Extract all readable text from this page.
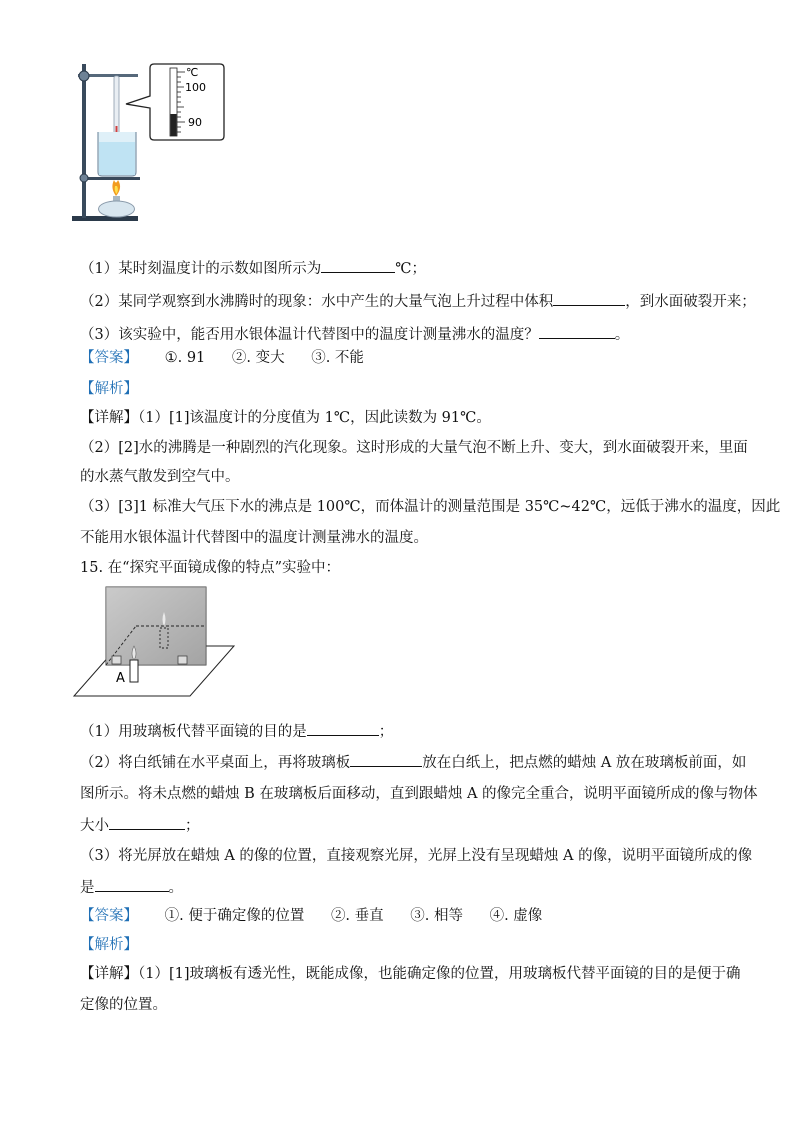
℃
100
90
（1）某时刻温度计的示数如图所示为	℃；
（2）某同学观察到水沸腾时的现象：水中产生的大量气泡上升过程中体积	，到水面破裂开来；
（3）该实验中，能否用水银体温计代替图中的温度计测量沸水的温度？	。
【答案】 ①. 91 ②. 变大 ③. 不能
【解析】
【详解】（1）[1]该温度计的分度值为 1℃，因此读数为 91℃。
（2）[2]水的沸腾是一种剧烈的汽化现象。这时形成的大量气泡不断上升、变大，到水面破裂开来，里面
的水蒸气散发到空气中。
（3）[3]1 标准大气压下水的沸点是 100℃，而体温计的测量范围是 35℃~42℃，远低于沸水的温度，因此
不能用水银体温计代替图中的温度计测量沸水的温度。
15. 在“探究平面镜成像的特点”实验中：
A
（1）用玻璃板代替平面镜的目的是	；
（2）将白纸铺在水平桌面上，再将玻璃板	放在白纸上，把点燃的蜡烛 A 放在玻璃板前面，如
图所示。将未点燃的蜡烛 B 在玻璃板后面移动，直到跟蜡烛 A 的像完全重合，说明平面镜所成的像与物体
大小	；
（3）将光屏放在蜡烛 A 的像的位置，直接观察光屏，光屏上没有呈现蜡烛 A 的像，说明平面镜所成的像
是	。
【答案】 ①. 便于确定像的位置 ②. 垂直 ③. 相等 ④. 虚像
【解析】
【详解】（1）[1]玻璃板有透光性，既能成像，也能确定像的位置，用玻璃板代替平面镜的目的是便于确
定像的位置。
